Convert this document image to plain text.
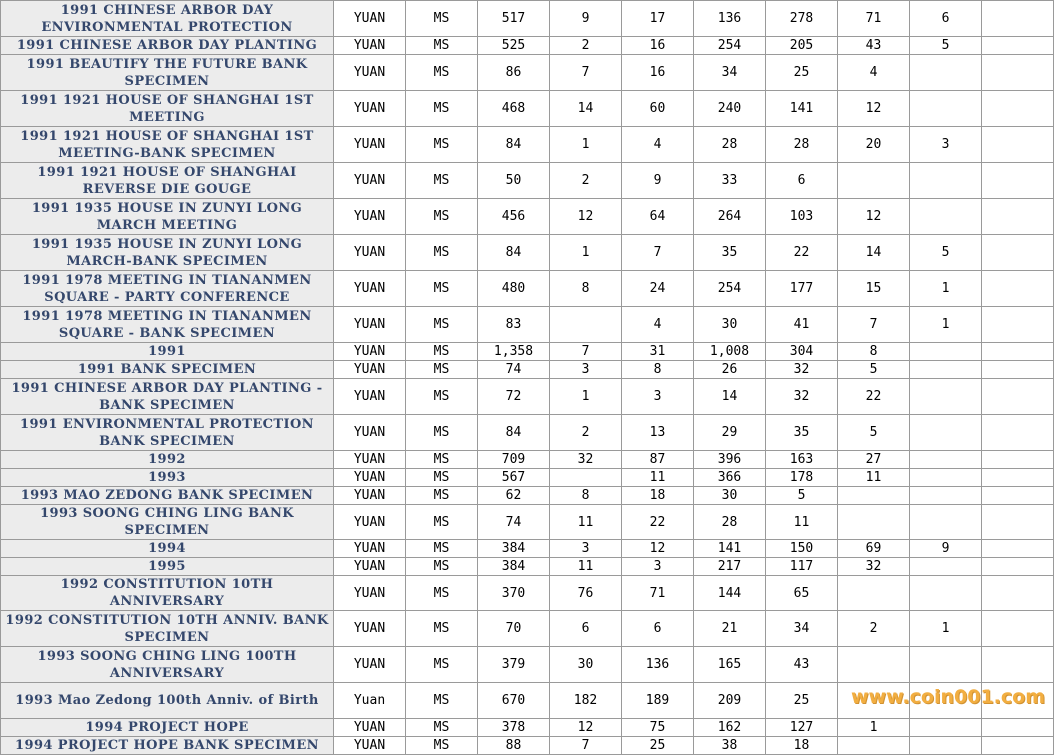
1991 CHINESE ARBOR DAY ENVIRONMENTAL PROTECTION	YUAN	MS	517	9	17	136	278	71	6	
1991 CHINESE ARBOR DAY PLANTING	YUAN	MS	525	2	16	254	205	43	5	
1991 BEAUTIFY THE FUTURE BANK SPECIMEN	YUAN	MS	86	7	16	34	25	4		
1991 1921 HOUSE OF SHANGHAI 1ST MEETING	YUAN	MS	468	14	60	240	141	12		
1991 1921 HOUSE OF SHANGHAI 1ST MEETING-BANK SPECIMEN	YUAN	MS	84	1	4	28	28	20	3	
1991 1921 HOUSE OF SHANGHAI REVERSE DIE GOUGE	YUAN	MS	50	2	9	33	6			
1991 1935 HOUSE IN ZUNYI LONG MARCH MEETING	YUAN	MS	456	12	64	264	103	12		
1991 1935 HOUSE IN ZUNYI LONG MARCH-BANK SPECIMEN	YUAN	MS	84	1	7	35	22	14	5	
1991 1978 MEETING IN TIANANMEN SQUARE - PARTY CONFERENCE	YUAN	MS	480	8	24	254	177	15	1	
1991 1978 MEETING IN TIANANMEN SQUARE - BANK SPECIMEN	YUAN	MS	83		4	30	41	7	1	
1991	YUAN	MS	1,358	7	31	1,008	304	8		
1991 BANK SPECIMEN	YUAN	MS	74	3	8	26	32	5		
1991 CHINESE ARBOR DAY PLANTING - BANK SPECIMEN	YUAN	MS	72	1	3	14	32	22		
1991 ENVIRONMENTAL PROTECTION BANK SPECIMEN	YUAN	MS	84	2	13	29	35	5		
1992	YUAN	MS	709	32	87	396	163	27		
1993	YUAN	MS	567		11	366	178	11		
1993 MAO ZEDONG BANK SPECIMEN	YUAN	MS	62	8	18	30	5			
1993 SOONG CHING LING BANK SPECIMEN	YUAN	MS	74	11	22	28	11			
1994	YUAN	MS	384	3	12	141	150	69	9	
1995	YUAN	MS	384	11	3	217	117	32		
1992 CONSTITUTION 10TH ANNIVERSARY	YUAN	MS	370	76	71	144	65			
1992 CONSTITUTION 10TH ANNIV. BANK SPECIMEN	YUAN	MS	70	6	6	21	34	2	1	
1993 SOONG CHING LING 100TH ANNIVERSARY	YUAN	MS	379	30	136	165	43			
1993 Mao Zedong 100th Anniv. of Birth	Yuan	MS	670	182	189	209	25			
1994 PROJECT HOPE	YUAN	MS	378	12	75	162	127	1		
1994 PROJECT HOPE BANK SPECIMEN	YUAN	MS	88	7	25	38	18			
www.coin001.com
